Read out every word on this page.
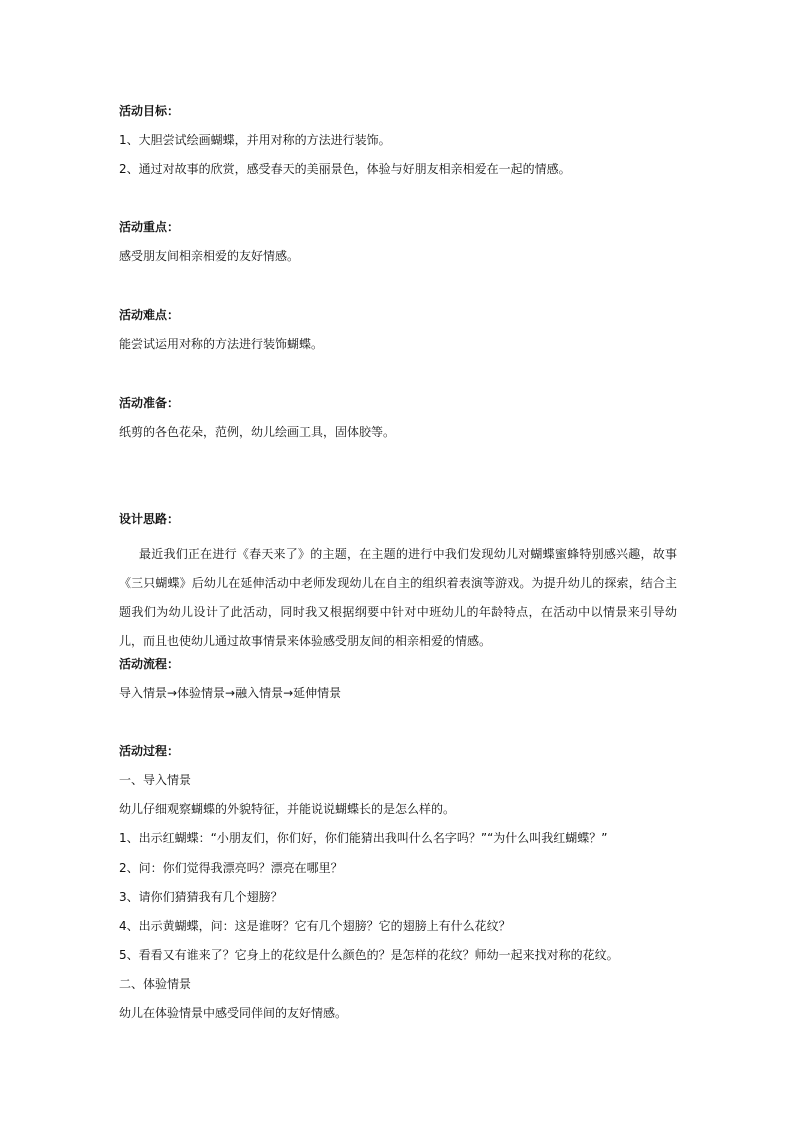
活动目标：
1、大胆尝试绘画蝴蝶，并用对称的方法进行装饰。
2、通过对故事的欣赏，感受春天的美丽景色，体验与好朋友相亲相爱在一起的情感。
活动重点：
感受朋友间相亲相爱的友好情感。
活动难点：
能尝试运用对称的方法进行装饰蝴蝶。
活动准备：
纸剪的各色花朵，范例，幼儿绘画工具，固体胶等。
设计思路：
最近我们正在进行《春天来了》的主题，在主题的进行中我们发现幼儿对蝴蝶蜜蜂特别感兴趣，故事《三只蝴蝶》后幼儿在延伸活动中老师发现幼儿在自主的组织着表演等游戏。为提升幼儿的探索，结合主题我们为幼儿设计了此活动，同时我又根据纲要中针对中班幼儿的年龄特点，在活动中以情景来引导幼儿，而且也使幼儿通过故事情景来体验感受朋友间的相亲相爱的情感。
活动流程：
导入情景→体验情景→融入情景→延伸情景
活动过程：
一、导入情景
幼儿仔细观察蝴蝶的外貌特征，并能说说蝴蝶长的是怎么样的。
1、出示红蝴蝶：“小朋友们，你们好，你们能猜出我叫什么名字吗？”“为什么叫我红蝴蝶？”
2、问：你们觉得我漂亮吗？漂亮在哪里？
3、请你们猜猜我有几个翅膀？
4、出示黄蝴蝶，问：这是谁呀？它有几个翅膀？它的翅膀上有什么花纹？
5、看看又有谁来了？它身上的花纹是什么颜色的？是怎样的花纹？师幼一起来找对称的花纹。
二、体验情景
幼儿在体验情景中感受同伴间的友好情感。
